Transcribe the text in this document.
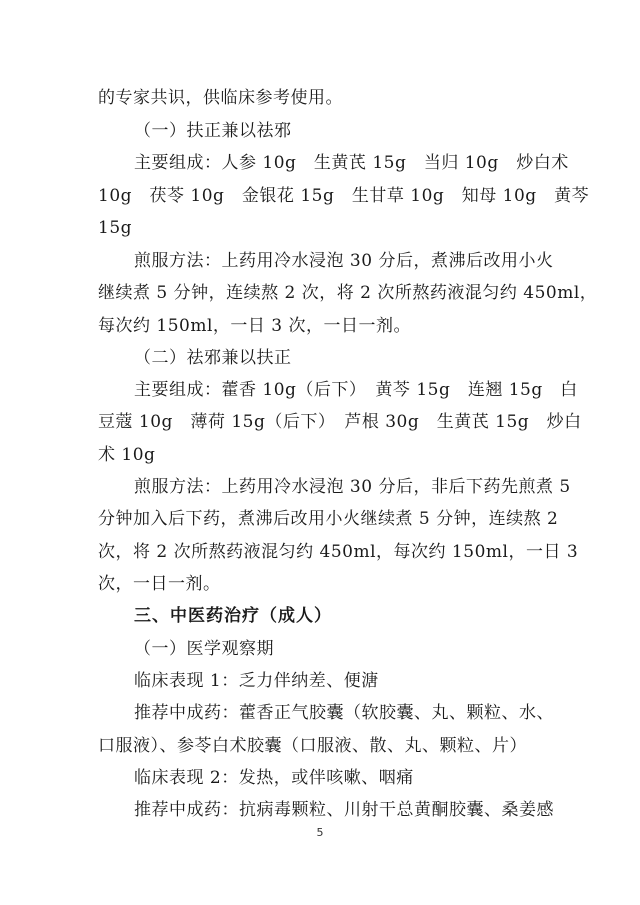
的专家共识，供临床参考使用。
（一）扶正兼以祛邪
主要组成：人参 10g　生黄芪 15g　当归 10g　炒白术
10g　茯苓 10g　金银花 15g　生甘草 10g　知母 10g　黄芩
15g
煎服方法：上药用冷水浸泡 30 分后，煮沸后改用小火
继续煮 5 分钟，连续熬 2 次，将 2 次所熬药液混匀约 450ml，
每次约 150ml，一日 3 次，一日一剂。
（二）祛邪兼以扶正
主要组成：藿香 10g（后下）　黄芩 15g　连翘 15g　白
豆蔻 10g　薄荷 15g（后下）　芦根 30g　生黄芪 15g　炒白
术 10g
煎服方法：上药用冷水浸泡 30 分后，非后下药先煎煮 5
分钟加入后下药，煮沸后改用小火继续煮 5 分钟，连续熬 2
次，将 2 次所熬药液混匀约 450ml，每次约 150ml，一日 3
次，一日一剂。
三、中医药治疗（成人）
（一）医学观察期
临床表现 1：乏力伴纳差、便溏
推荐中成药：藿香正气胶囊（软胶囊、丸、颗粒、水、
口服液）、参苓白术胶囊（口服液、散、丸、颗粒、片）
临床表现 2：发热，或伴咳嗽、咽痛
推荐中成药：抗病毒颗粒、川射干总黄酮胶囊、桑姜感
5
